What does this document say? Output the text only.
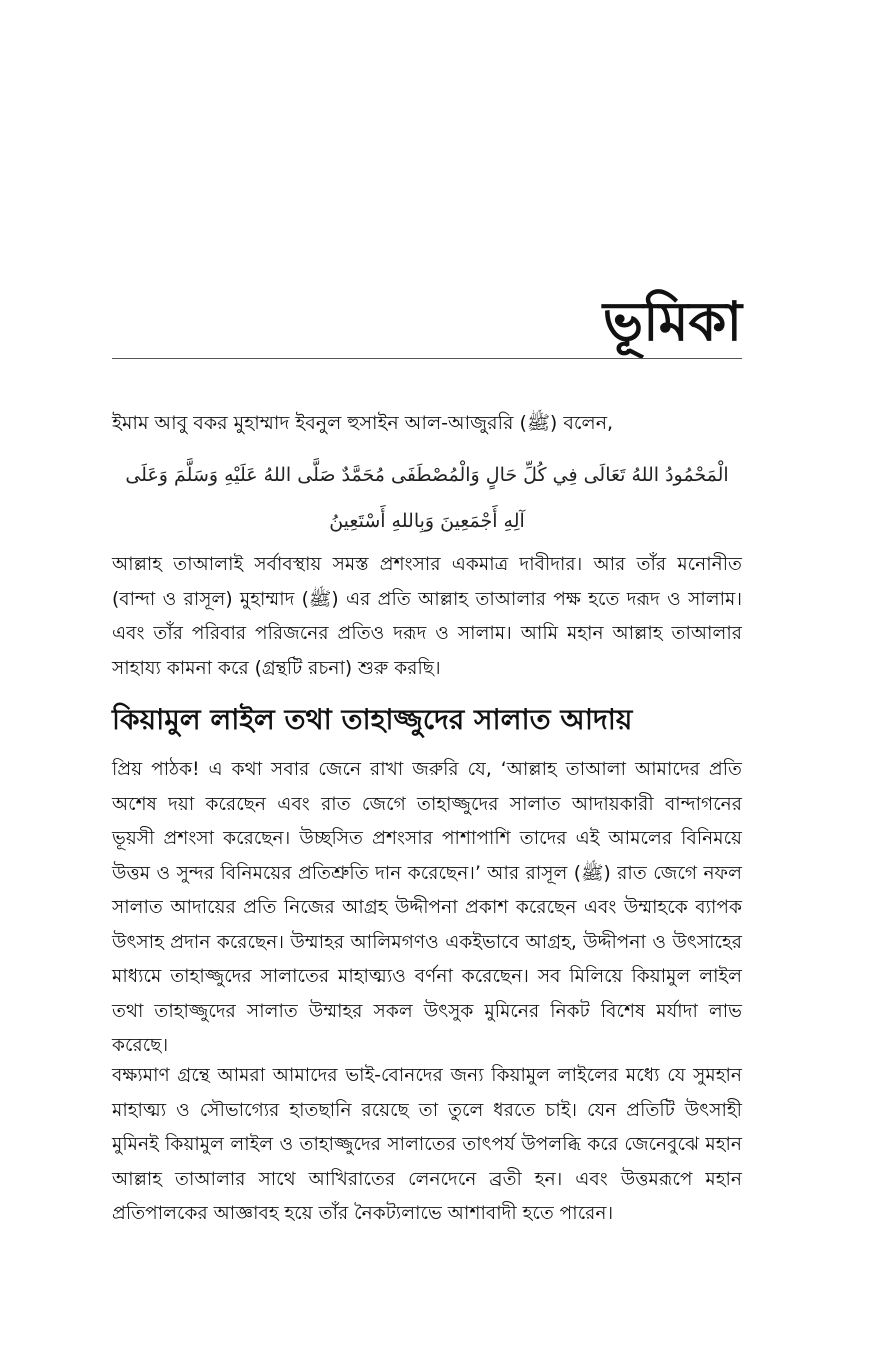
ভূমিকা

ইমাম আবু বকর মুহাম্মাদ ইবনুল হুসাইন আল-আজুররি (ﷺ) বলেন,

الْمَحْمُودُ اللهُ تَعَالَى فِي كُلِّ حَالٍ وَالْمُصْطَفَى مُحَمَّدٌ صَلَّى اللهُ عَلَيْهِ وَسَلَّمَ وَعَلَى آلِهِ أَجْمَعِينَ وَبِاللهِ أَسْتَعِينُ

আল্লাহ তাআলাই সর্বাবস্থায় সমস্ত প্রশংসার একমাত্র দাবীদার। আর তাঁর মনোনীত (বান্দা ও রাসূল) মুহাম্মাদ (ﷺ) এর প্রতি আল্লাহ তাআলার পক্ষ হতে দরূদ ও সালাম। এবং তাঁর পরিবার পরিজনের প্রতিও দরূদ ও সালাম। আমি মহান আল্লাহ তাআলার সাহায্য কামনা করে (গ্রন্থটি রচনা) শুরু করছি।

কিয়ামুল লাইল তথা তাহাজ্জুদের সালাত আদায়

প্রিয় পাঠক! এ কথা সবার জেনে রাখা জরুরি যে, ‘আল্লাহ তাআলা আমাদের প্রতি অশেষ দয়া করেছেন এবং রাত জেগে তাহাজ্জুদের সালাত আদায়কারী বান্দাগনের ভূয়সী প্রশংসা করেছেন। উচ্ছসিত প্রশংসার পাশাপাশি তাদের এই আমলের বিনিময়ে উত্তম ও সুন্দর বিনিময়ের প্রতিশ্রুতি দান করেছেন।’ আর রাসূল (ﷺ) রাত জেগে নফল সালাত আদায়ের প্রতি নিজের আগ্রহ উদ্দীপনা প্রকাশ করেছেন এবং উম্মাহকে ব্যাপক উৎসাহ প্রদান করেছেন। উম্মাহর আলিমগণও একইভাবে আগ্রহ, উদ্দীপনা ও উৎসাহের মাধ্যমে তাহাজ্জুদের সালাতের মাহাত্ম্যও বর্ণনা করেছেন। সব মিলিয়ে কিয়ামুল লাইল তথা তাহাজ্জুদের সালাত উম্মাহর সকল উৎসুক মুমিনের নিকট বিশেষ মর্যাদা লাভ করেছে।

বক্ষ্যমাণ গ্রন্থে আমরা আমাদের ভাই-বোনদের জন্য কিয়ামুল লাইলের মধ্যে যে সুমহান মাহাত্ম্য ও সৌভাগ্যের হাতছানি রয়েছে তা তুলে ধরতে চাই। যেন প্রতিটি উৎসাহী মুমিনই কিয়ামুল লাইল ও তাহাজ্জুদের সালাতের তাৎপর্য উপলব্ধি করে জেনেবুঝে মহান আল্লাহ তাআলার সাথে আখিরাতের লেনদেনে ব্রতী হন। এবং উত্তমরূপে মহান প্রতিপালকের আজ্ঞাবহ হয়ে তাঁর নৈকট্যলাভে আশাবাদী হতে পারেন।
